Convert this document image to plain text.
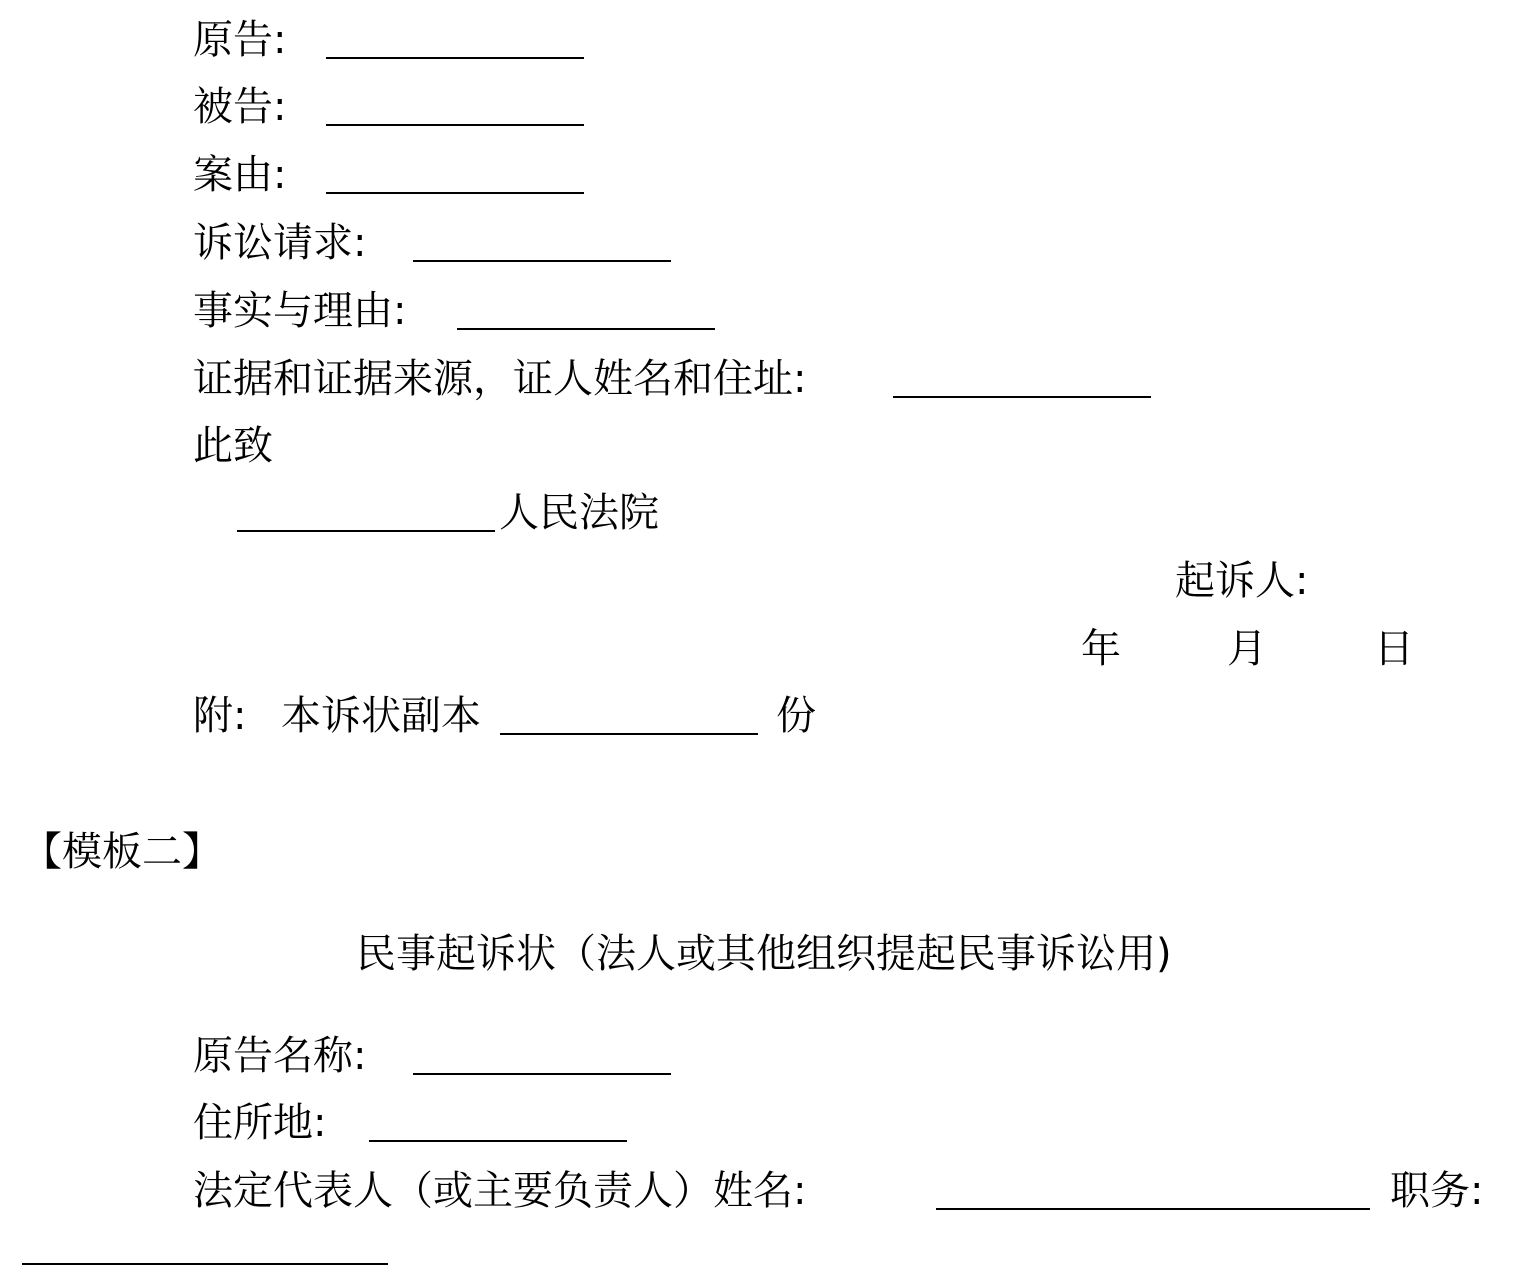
原告:
被告:
案由:
诉讼请求:
事实与理由:
证据和证据来源，证人姓名和住址:
此致
人民法院
起诉人:
年	月	日
附: 本诉状副本	份
【模板二】
民事起诉状（法人或其他组织提起民事诉讼用)
原告名称:
住所地:
法定代表人（或主要负责人）姓名:	职务:
